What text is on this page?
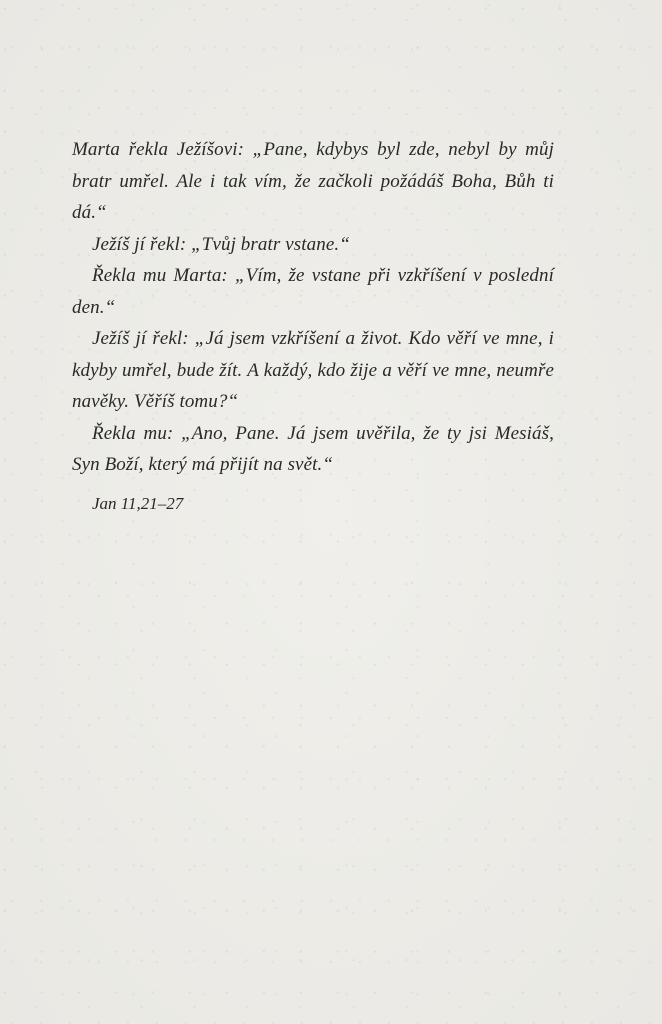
Marta řekla Ježíšovi: „Pane, kdybys byl zde, nebyl by můj bratr umřel. Ale i tak vím, že začkoli požádáš Boha, Bůh ti dá.“

Ježíš jí řekl: „Tvůj bratr vstane.“

Řekla mu Marta: „Vím, že vstane při vzkříšení v poslední den.“

Ježíš jí řekl: „Já jsem vzkříšení a život. Kdo věří ve mne, i kdyby umřel, bude žít. A každý, kdo žije a věří ve mne, neumře navěky. Věříš tomu?“

Řekla mu: „Ano, Pane. Já jsem uvěřila, že ty jsi Mesiáš, Syn Boží, který má přijít na svět.“

Jan 11,21–27
